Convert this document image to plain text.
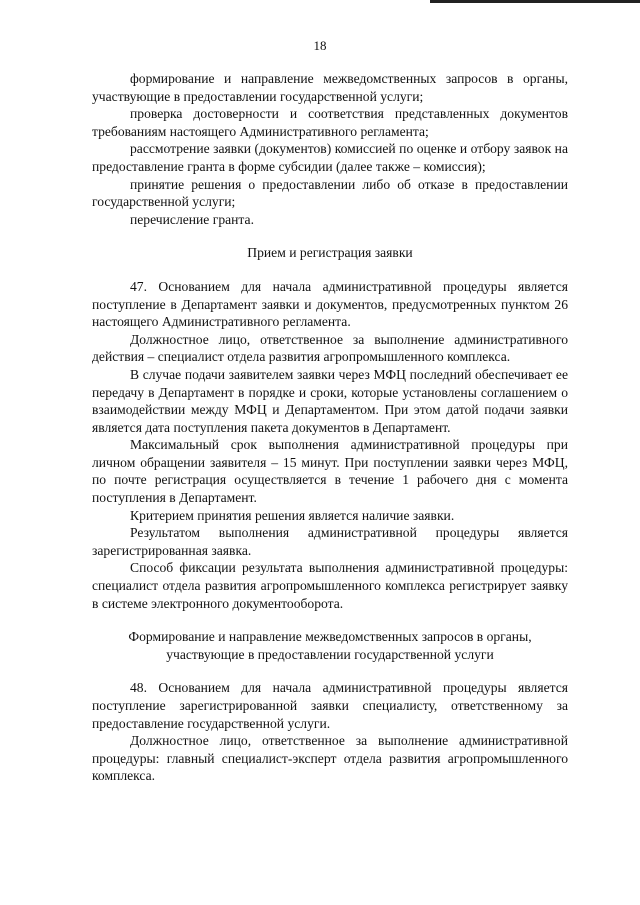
18

формирование и направление межведомственных запросов в органы, участвующие в предоставлении государственной услуги;

проверка достоверности и соответствия представленных документов требованиям настоящего Административного регламента;

рассмотрение заявки (документов) комиссией по оценке и отбору заявок на предоставление гранта в форме субсидии (далее также – комиссия);

принятие решения о предоставлении либо об отказе в предоставлении государственной услуги;

перечисление гранта.

Прием и регистрация заявки

47. Основанием для начала административной процедуры является поступление в Департамент заявки и документов, предусмотренных пунктом 26 настоящего Административного регламента.

Должностное лицо, ответственное за выполнение административного действия – специалист отдела развития агропромышленного комплекса.

В случае подачи заявителем заявки через МФЦ последний обеспечивает ее передачу в Департамент в порядке и сроки, которые установлены соглашением о взаимодействии между МФЦ и Департаментом. При этом датой подачи заявки является дата поступления пакета документов в Департамент.

Максимальный срок выполнения административной процедуры при личном обращении заявителя – 15 минут. При поступлении заявки через МФЦ, по почте регистрация осуществляется в течение 1 рабочего дня с момента поступления в Департамент.

Критерием принятия решения является наличие заявки.

Результатом выполнения административной процедуры является зарегистрированная заявка.

Способ фиксации результата выполнения административной процедуры: специалист отдела развития агропромышленного комплекса регистрирует заявку в системе электронного документооборота.

Формирование и направление межведомственных запросов в органы,

участвующие в предоставлении государственной услуги

48. Основанием для начала административной процедуры является поступление зарегистрированной заявки специалисту, ответственному за предоставление государственной услуги.

Должностное лицо, ответственное за выполнение административной процедуры: главный специалист-эксперт отдела развития агропромышленного комплекса.
